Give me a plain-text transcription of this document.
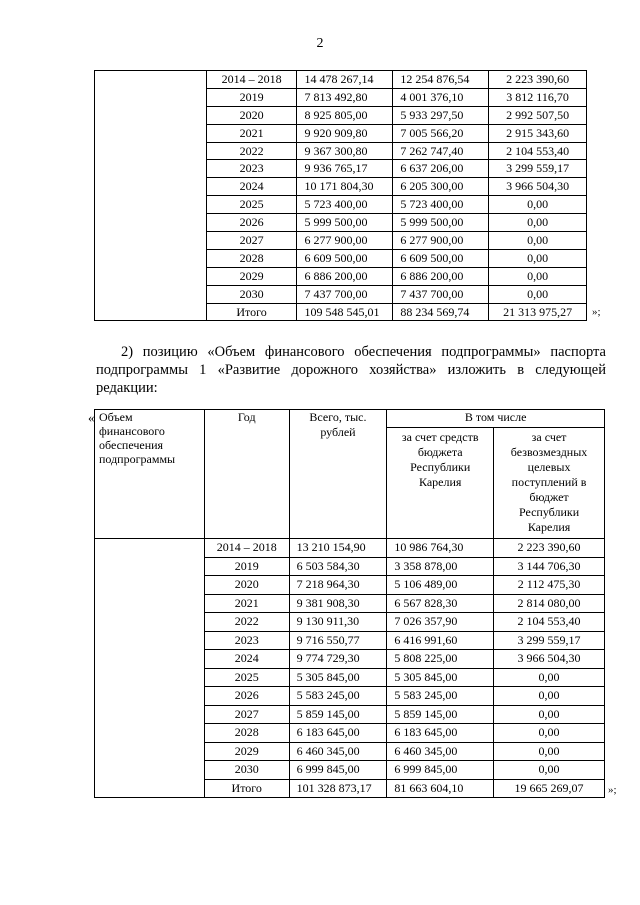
2
	2014 – 2018	14 478 267,14	12 254 876,54	2 223 390,60
	2019	7 813 492,80	4 001 376,10	3 812 116,70
	2020	8 925 805,00	5 933 297,50	2 992 507,50
	2021	9 920 909,80	7 005 566,20	2 915 343,60
	2022	9 367 300,80	7 262 747,40	2 104 553,40
	2023	9 936 765,17	6 637 206,00	3 299 559,17
	2024	10 171 804,30	6 205 300,00	3 966 504,30
	2025	5 723 400,00	5 723 400,00	0,00
	2026	5 999 500,00	5 999 500,00	0,00
	2027	6 277 900,00	6 277 900,00	0,00
	2028	6 609 500,00	6 609 500,00	0,00
	2029	6 886 200,00	6 886 200,00	0,00
	2030	7 437 700,00	7 437 700,00	0,00
	Итого	109 548 545,01	88 234 569,74	21 313 975,27 »;
2) позицию «Объем финансового обеспечения подпрограммы» паспорта
подпрограммы 1 «Развитие дорожного хозяйства» изложить в следующей
редакции:
« Объем финансового обеспечения подпрограммы	Год	Всего, тыс. рублей	В том числе	
			за счет средств бюджета Республики Карелия	за счет безвозмездных целевых поступлений в бюджет Республики Карелия
	2014 – 2018	13 210 154,90	10 986 764,30	2 223 390,60
	2019	6 503 584,30	3 358 878,00	3 144 706,30
	2020	7 218 964,30	5 106 489,00	2 112 475,30
	2021	9 381 908,30	6 567 828,30	2 814 080,00
	2022	9 130 911,30	7 026 357,90	2 104 553,40
	2023	9 716 550,77	6 416 991,60	3 299 559,17
	2024	9 774 729,30	5 808 225,00	3 966 504,30
	2025	5 305 845,00	5 305 845,00	0,00
	2026	5 583 245,00	5 583 245,00	0,00
	2027	5 859 145,00	5 859 145,00	0,00
	2028	6 183 645,00	6 183 645,00	0,00
	2029	6 460 345,00	6 460 345,00	0,00
	2030	6 999 845,00	6 999 845,00	0,00
	Итого	101 328 873,17	81 663 604,10	19 665 269,07 »;
